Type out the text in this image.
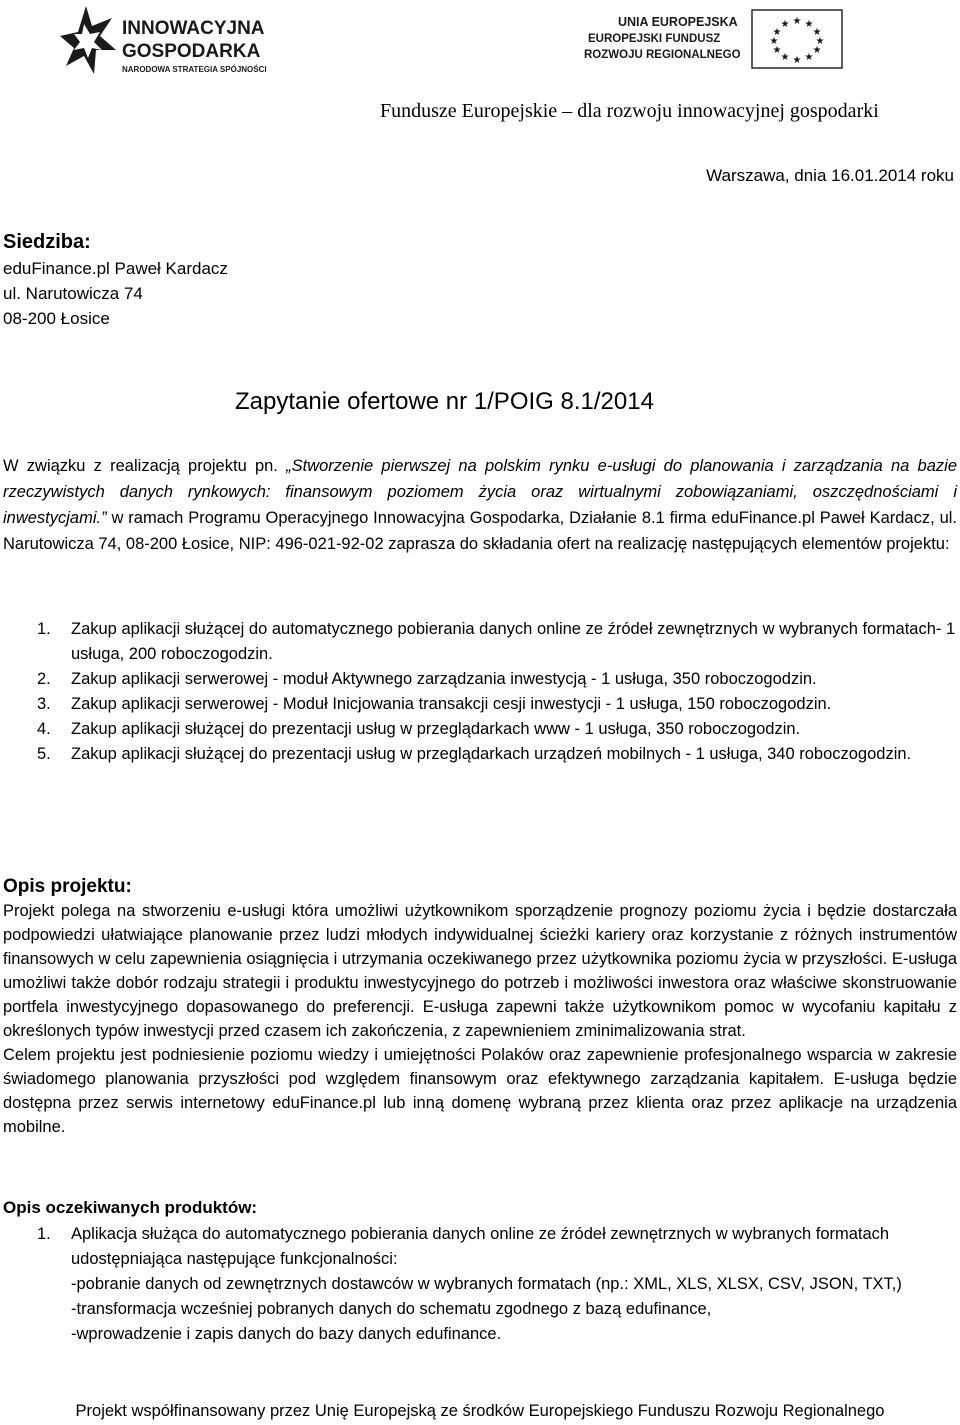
INNOWACYJNA
GOSPODARKA
NARODOWA STRATEGIA SPÓJNOŚCI
UNIA EUROPEJSKA
EUROPEJSKI FUNDUSZ
ROZWOJU REGIONALNEGO
★ ★
★
★
★
★
★
★
★
★
★
★
Fundusze Europejskie – dla rozwoju innowacyjnej gospodarki
Warszawa, dnia 16.01.2014 roku
Siedziba:
eduFinance.pl Paweł Kardacz
ul. Narutowicza 74
08-200 Łosice
Zapytanie ofertowe nr 1/POIG 8.1/2014
W związku z realizacją projektu pn. „Stworzenie pierwszej na polskim rynku e-usługi do planowania i zarządzania na bazie rzeczywistych danych rynkowych: finansowym poziomem życia oraz wirtualnymi zobowiązaniami, oszczędnościami i inwestycjami.” w ramach Programu Operacyjnego Innowacyjna Gospodarka, Działanie 8.1 firma eduFinance.pl Paweł Kardacz, ul. Narutowicza 74, 08-200 Łosice, NIP: 496-021-92-02 zaprasza do składania ofert na realizację następujących elementów projektu:
1. Zakup aplikacji służącej do automatycznego pobierania danych online ze źródeł zewnętrznych w wybranych formatach- 1 usługa, 200 roboczogodzin.
2. Zakup aplikacji serwerowej - moduł Aktywnego zarządzania inwestycją - 1 usługa, 350 roboczogodzin.
3. Zakup aplikacji serwerowej - Moduł Inicjowania transakcji cesji inwestycji - 1 usługa, 150 roboczogodzin.
4. Zakup aplikacji służącej do prezentacji usług w przeglądarkach www - 1 usługa, 350 roboczogodzin.
5. Zakup aplikacji służącej do prezentacji usług w przeglądarkach urządzeń mobilnych - 1 usługa, 340 roboczogodzin.
Opis projektu:

Projekt polega na stworzeniu e-usługi która umożliwi użytkownikom sporządzenie prognozy poziomu życia i będzie dostarczała podpowiedzi ułatwiające planowanie przez ludzi młodych indywidualnej ścieżki kariery oraz korzystanie z różnych instrumentów finansowych w celu zapewnienia osiągnięcia i utrzymania oczekiwanego przez użytkownika poziomu życia w przyszłości. E-usługa umożliwi także dobór rodzaju strategii i produktu inwestycyjnego do potrzeb i możliwości inwestora oraz właściwe skonstruowanie portfela inwestycyjnego dopasowanego do preferencji. E-usługa zapewni także użytkownikom pomoc w wycofaniu kapitału z określonych typów inwestycji przed czasem ich zakończenia, z zapewnieniem zminimalizowania strat.

Celem projektu jest podniesienie poziomu wiedzy i umiejętności Polaków oraz zapewnienie profesjonalnego wsparcia w zakresie świadomego planowania przyszłości pod względem finansowym oraz efektywnego zarządzania kapitałem. E-usługa będzie dostępna przez serwis internetowy eduFinance.pl lub inną domenę wybraną przez klienta oraz przez aplikacje na urządzenia mobilne.

Opis oczekiwanych produktów:
1. Aplikacja służąca do automatycznego pobierania danych online ze źródeł zewnętrznych w wybranych formatach udostępniająca następujące funkcjonalności:
-pobranie danych od zewnętrznych dostawców w wybranych formatach (np.: XML, XLS, XLSX, CSV, JSON, TXT,)
-transformacja wcześniej pobranych danych do schematu zgodnego z bazą edufinance,
-wprowadzenie i zapis danych do bazy danych edufinance.
Projekt współfinansowany przez Unię Europejską ze środków Europejskiego Funduszu Rozwoju Regionalnego
